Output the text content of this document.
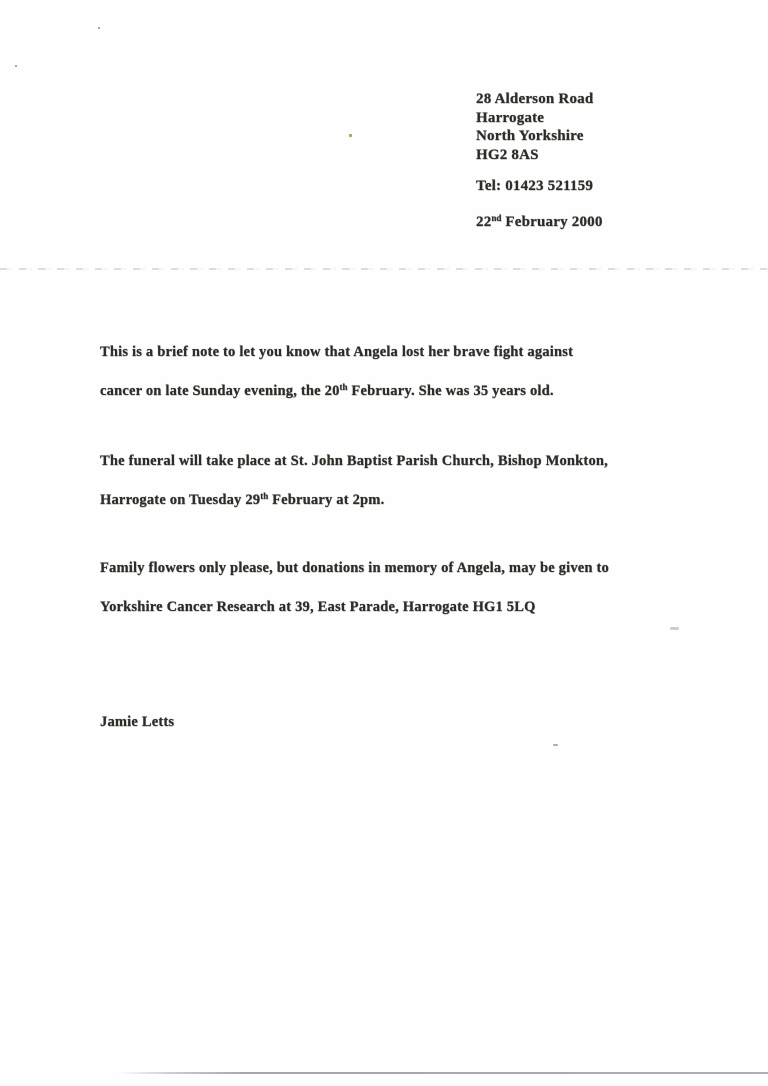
28 Alderson Road
Harrogate
North Yorkshire
HG2 8AS
Tel: 01423 521159
22nd February 2000
This is a brief note to let you know that Angela lost her brave fight against
cancer on late Sunday evening, the 20th February. She was 35 years old.
The funeral will take place at St. John Baptist Parish Church, Bishop Monkton,
Harrogate on Tuesday 29th February at 2pm.
Family flowers only please, but donations in memory of Angela, may be given to
Yorkshire Cancer Research at 39, East Parade, Harrogate HG1 5LQ
Jamie Letts
